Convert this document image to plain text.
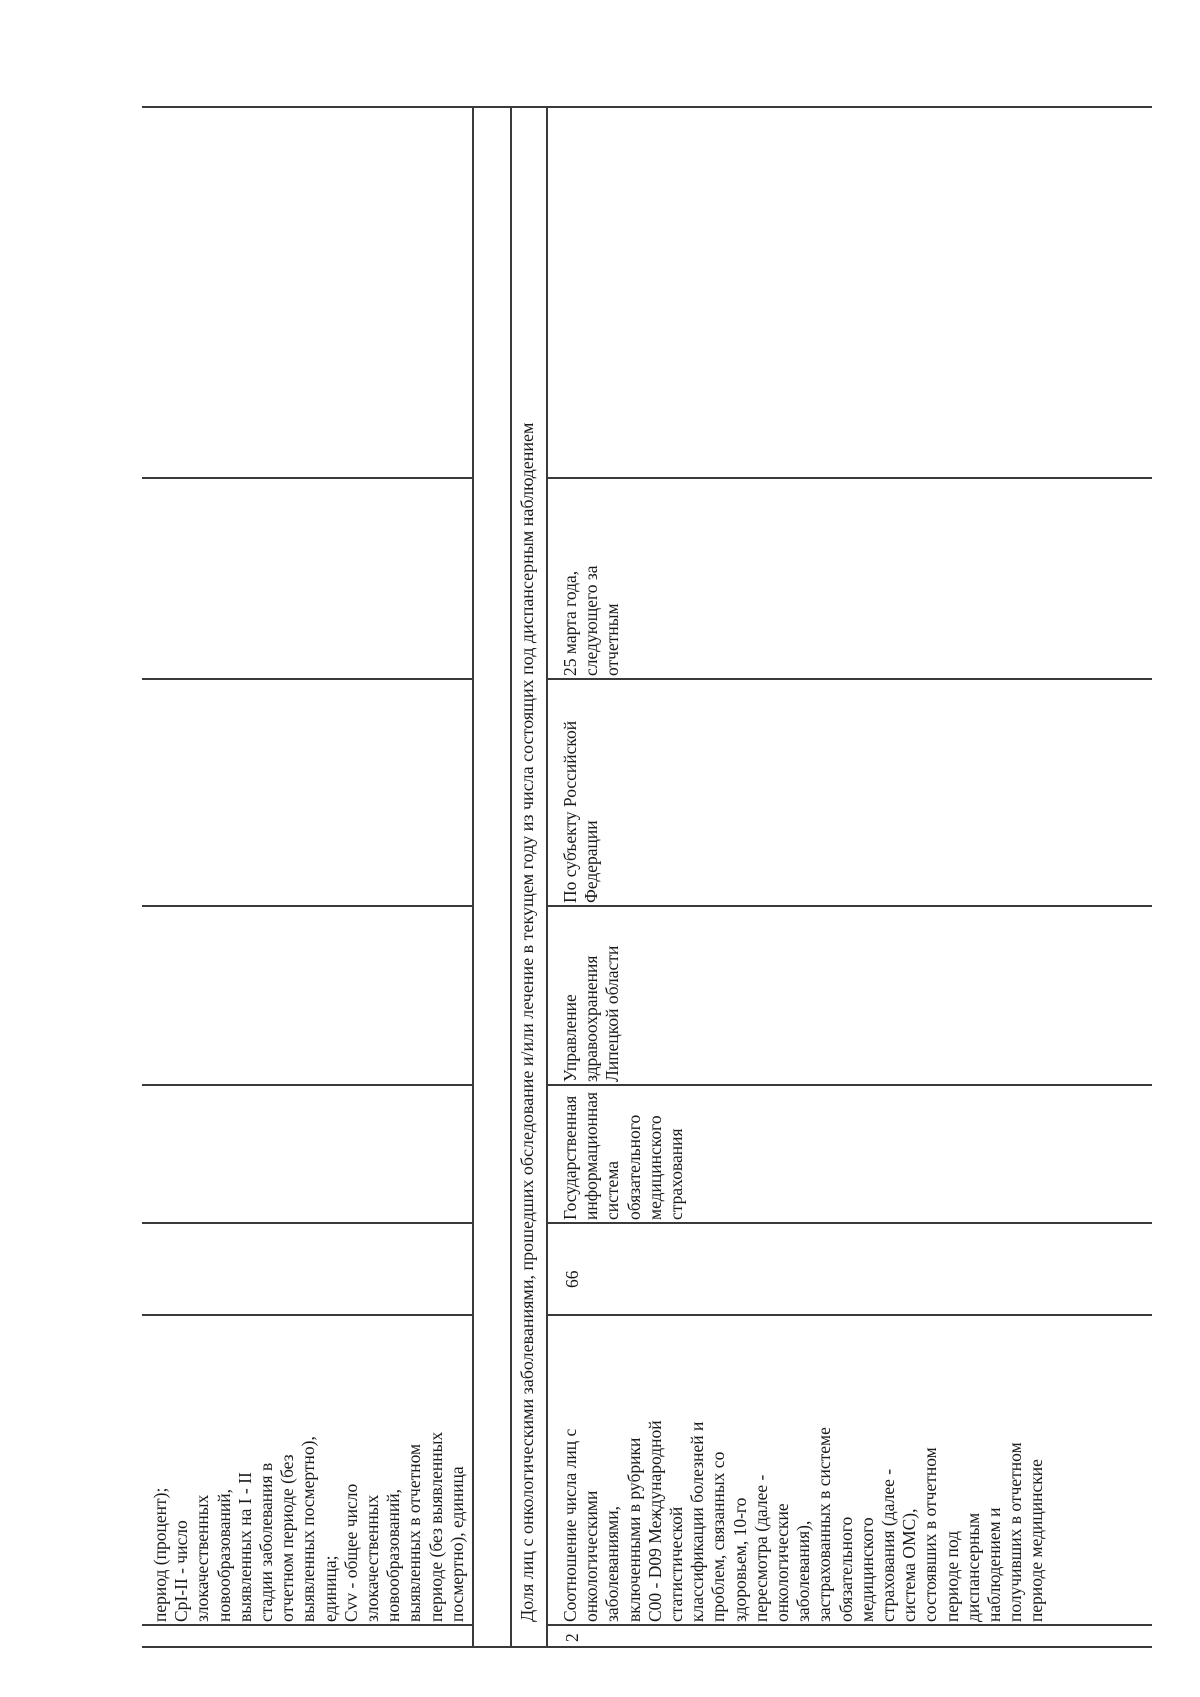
период (процент);
CpI-II - число
злокачественных
новообразований,
выявленных на I - II
стадии заболевания в
отчетном периоде (без
выявленных посмертно),
единица;
Cvv - общее число
злокачественных
новообразований,
выявленных в отчетном
периоде (без выявленных
посмертно), единица	Доля лиц с онкологическими заболеваниями, прошедших обследование и/или лечение в текущем году из числа состоящих под диспансерным наблюдением
2
Соотношение числа лиц с
онкологическими
заболеваниями,
включенными в рубрики
C00 - D09 Международной
статистической
классификации болезней и
проблем, связанных со
здоровьем, 10-го
пересмотра (далее -
онкологические
заболевания),
застрахованных в системе
обязательного
медицинского
страхования (далее -
система ОМС),
состоявших в отчетном
периоде под
диспансерным
наблюдением и
получивших в отчетном
периоде медицинские
66
Государственная
информационная
система
обязательного
медицинского
страхования
Управление
здравоохранения
Липецкой области
По субъекту Российской
Федерации
25 марта года,
следующего за
отчетным
